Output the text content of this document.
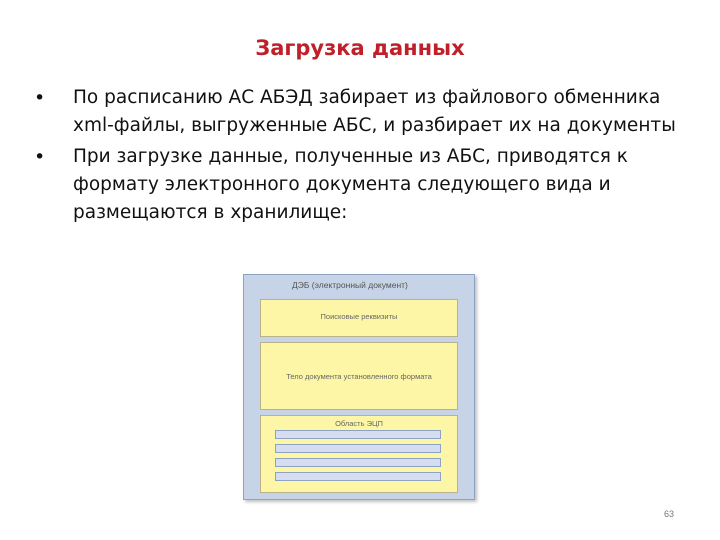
Загрузка данных
• По расписанию АС АБЭД забирает из файлового обменника xml-файлы, выгруженные АБС, и разбирает их на документы
• При загрузке данные, полученные из АБС, приводятся к формату электронного документа следующего вида и размещаются в хранилище:
ДЭБ (электронный документ)
Поисковые реквизиты
Тело документа установленного формата
Область ЭЦП
63
